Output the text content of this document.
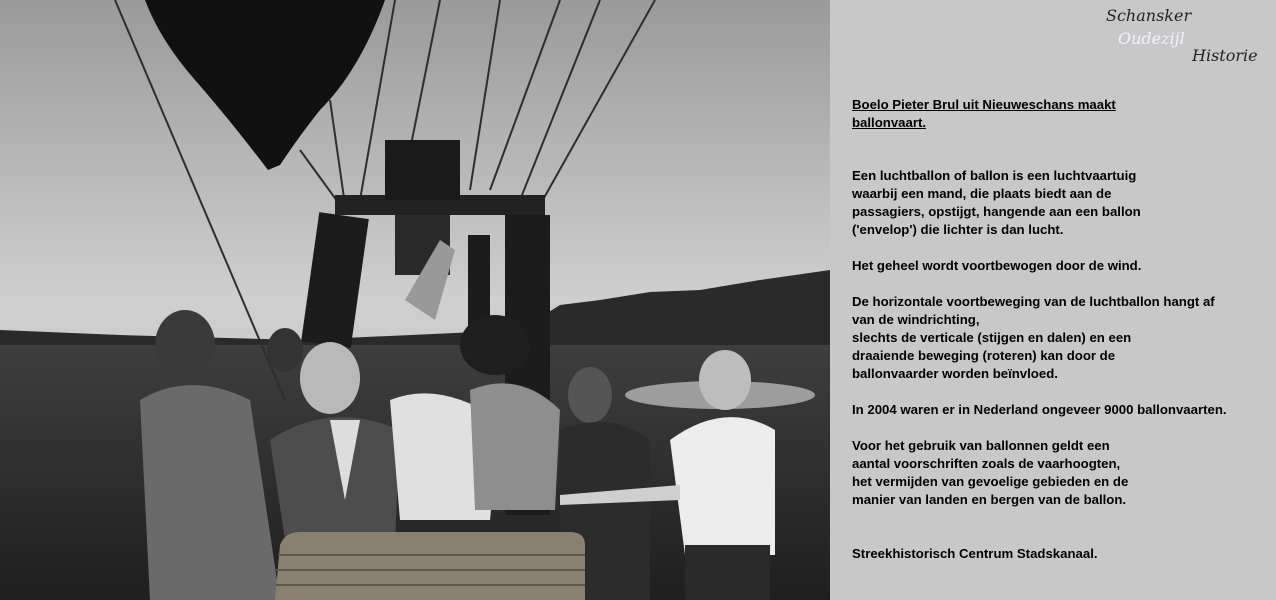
Schansker
Oudezijl
Historie
Boelo Pieter Brul uit Nieuweschans maakt
ballonvaart.
Een luchtballon of ballon is een luchtvaartuig
waarbij een mand, die plaats biedt aan de
passagiers, opstijgt, hangende aan een ballon
('envelop') die lichter is dan lucht.
Het geheel wordt voortbewogen door de wind.
De horizontale voortbeweging van de luchtballon hangt af
van de windrichting,
slechts de verticale (stijgen en dalen) en een
draaiende beweging (roteren) kan door de
ballonvaarder worden beïnvloed.
In 2004 waren er in Nederland ongeveer 9000 ballonvaarten.
Voor het gebruik van ballonnen geldt een
aantal voorschriften zoals de vaarhoogten,
het vermijden van gevoelige gebieden en de
manier van landen en bergen van de ballon.
Streekhistorisch Centrum Stadskanaal.
